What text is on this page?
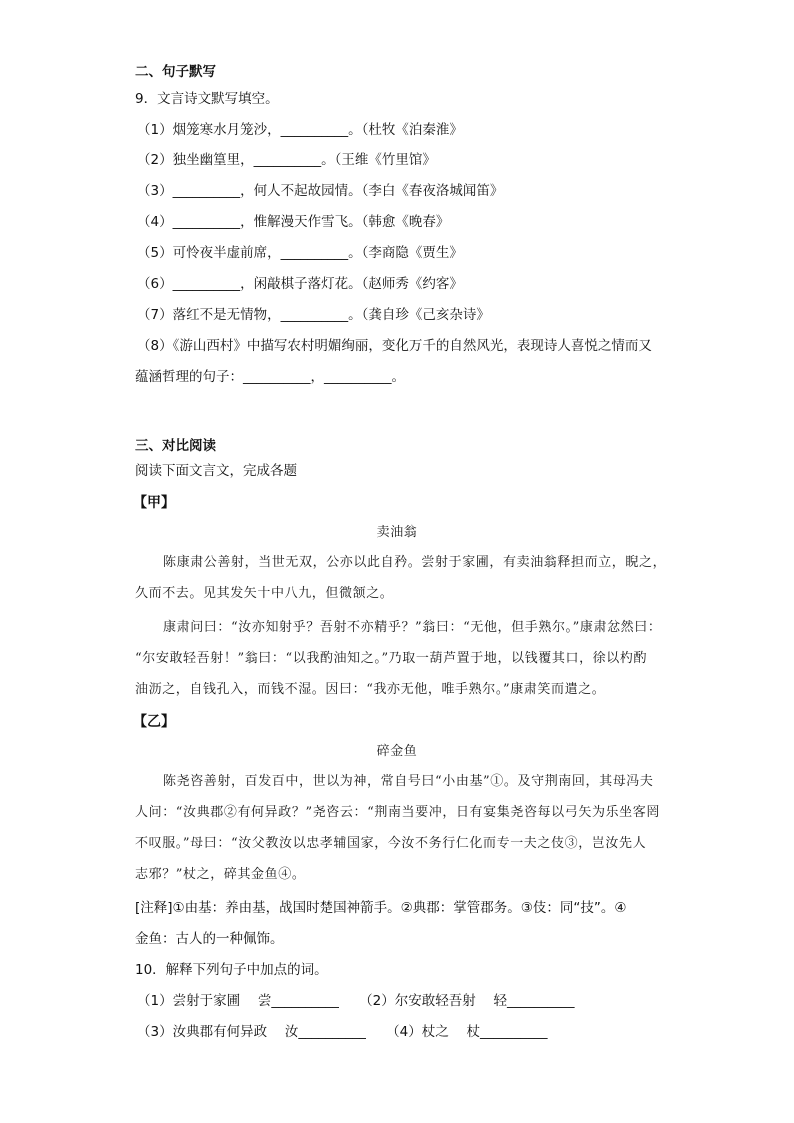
二、句子默写
9．文言诗文默写填空。
（1）烟笼寒水月笼沙，__________。（杜牧《泊秦淮》
（2）独坐幽篁里，__________。（王维《竹里馆》
（3）__________，何人不起故园情。（李白《春夜洛城闻笛》
（4）__________，惟解漫天作雪飞。（韩愈《晚春》
（5）可怜夜半虚前席，__________。（李商隐《贾生》
（6）__________，闲敲棋子落灯花。（赵师秀《约客》
（7）落红不是无情物，__________。（龚自珍《己亥杂诗》
（8）《游山西村》中描写农村明媚绚丽，变化万千的自然风光，表现诗人喜悦之情而又
蕴涵哲理的句子：__________，__________。
三、对比阅读
阅读下面文言文，完成各题
【甲】
卖油翁
陈康肃公善射，当世无双，公亦以此自矜。尝射于家圃，有卖油翁释担而立，睨之，
久而不去。见其发矢十中八九，但微颔之。
康肃问曰：“汝亦知射乎？吾射不亦精乎？”翁曰：“无他，但手熟尔。”康肃忿然曰：
“尔安敢轻吾射！”翁曰：“以我酌油知之。”乃取一葫芦置于地，以钱覆其口，徐以杓酌
油沥之，自钱孔入，而钱不湿。因曰：“我亦无他，唯手熟尔。”康肃笑而遣之。
【乙】
碎金鱼
陈尧咨善射，百发百中，世以为神，常自号曰“小由基”①。及守荆南回，其母冯夫
人问：“汝典郡②有何异政？”尧咨云：“荆南当要冲，日有宴集尧咨每以弓矢为乐坐客罔
不叹服。”母曰：“汝父教汝以忠孝辅国家，今汝不务行仁化而专一夫之伎③，岂汝先人
志邪？”杖之，碎其金鱼④。
[注释]①由基：养由基，战国时楚国神箭手。②典郡：掌管郡务。③伎：同“技”。④
金鱼：古人的一种佩饰。
10．解释下列句子中加点的词。
（1）尝射于家圃　 尝__________　　（2）尔安敢轻吾射　 轻__________
（3）汝典郡有何异政　 汝__________　　（4）杖之　 杖__________
